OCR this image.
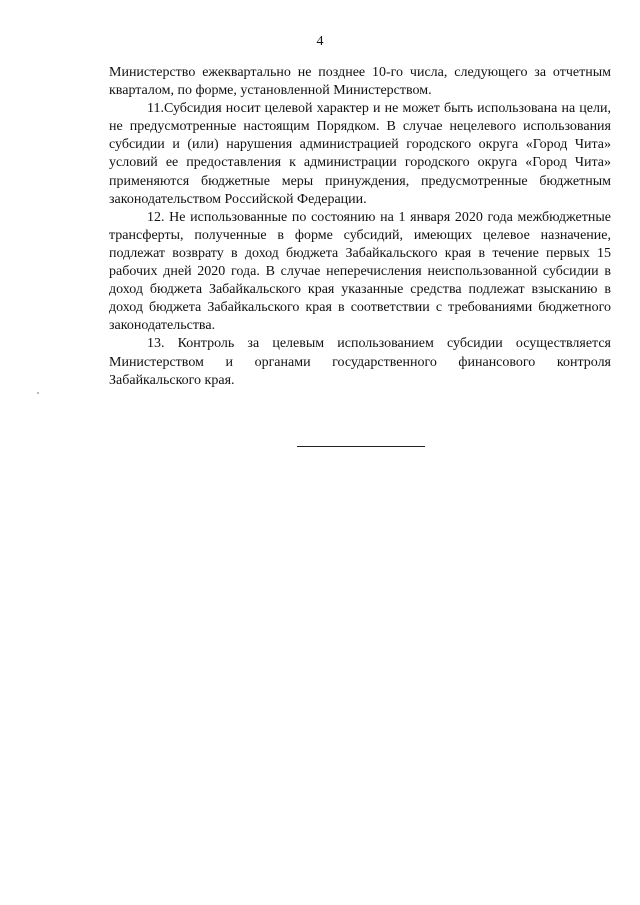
4

Министерство ежеквартально не позднее 10-го числа, следующего за отчетным кварталом, по форме, установленной Министерством.

11.Субсидия носит целевой характер и не может быть использована на цели, не предусмотренные настоящим Порядком. В случае нецелевого использования субсидии и (или) нарушения администрацией городского округа «Город Чита» условий ее предоставления к администрации городского округа «Город Чита» применяются бюджетные меры принуждения, предусмотренные бюджетным законодательством Российской Федерации.

12. Не использованные по состоянию на 1 января 2020 года межбюджетные трансферты, полученные в форме субсидий, имеющих целевое назначение, подлежат возврату в доход бюджета Забайкальского края в течение первых 15 рабочих дней 2020 года. В случае неперечисления неиспользованной субсидии в доход бюджета Забайкальского края указанные средства подлежат взысканию в доход бюджета Забайкальского края в соответствии с требованиями бюджетного законодательства.

13. Контроль за целевым использованием субсидии осуществляется Министерством и органами государственного финансового контроля Забайкальского края.
